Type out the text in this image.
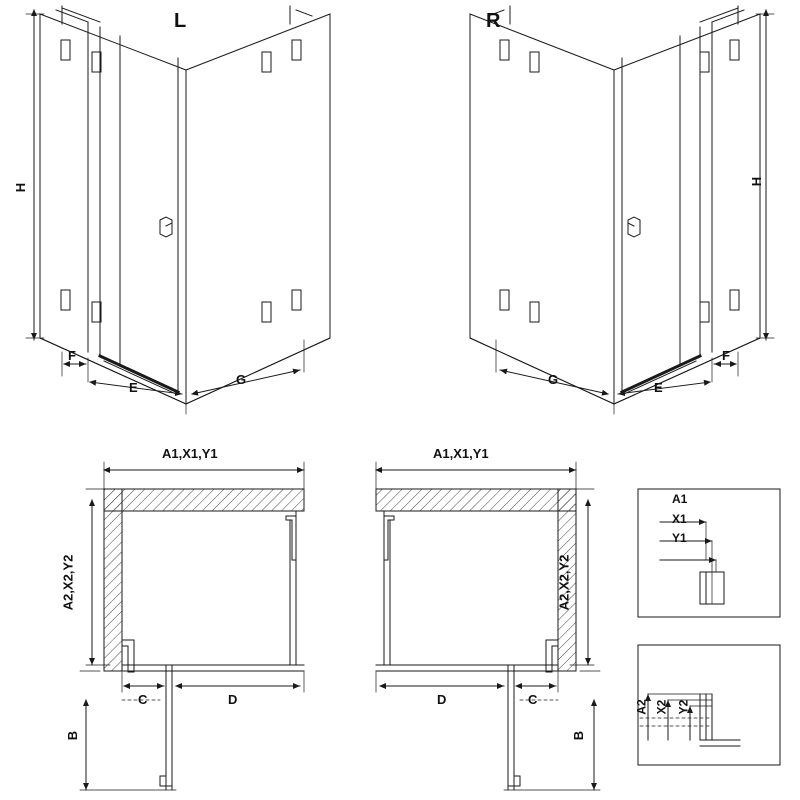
L	R
H
H
F
E
G
F
E
G
A1,X1,Y1	A1,X1,Y1
A2,X2,Y2	A2,X2,Y2
C	D	C
D
B	B
A1
X1
Y1
A2 X2 Y2
